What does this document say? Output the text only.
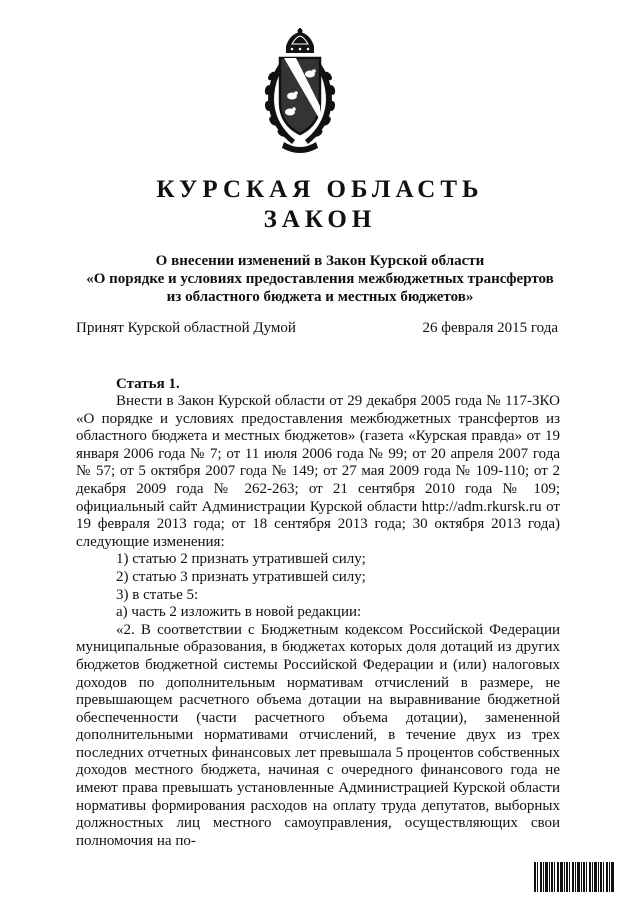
КУРСКАЯ ОБЛАСТЬ
ЗАКОН
О внесении изменений в Закон Курской области
«О порядке и условиях предоставления межбюджетных трансфертов
из областного бюджета и местных бюджетов»
Принят Курской областной Думой	26 февраля 2015 года
Статья 1.

Внести в Закон Курской области от 29 декабря 2005 года № 117-ЗКО «О порядке и условиях предоставления межбюджетных трансфертов из областного бюджета и местных бюджетов» (газета «Курская правда» от 19 января 2006 года № 7; от 11 июля 2006 года № 99; от 20 апреля 2007 года № 57; от 5 октября 2007 года № 149; от 27 мая 2009 года № 109-110; от 2 декабря 2009 года № 262-263; от 21 сентября 2010 года № 109; официальный сайт Администрации Курской области http://adm.rkursk.ru от 19 февраля 2013 года; от 18 сентября 2013 года; 30 октября 2013 года) следующие изменения:

1) статью 2 признать утратившей силу;

2) статью 3 признать утратившей силу;

3) в статье 5:

а) часть 2 изложить в новой редакции:

«2. В соответствии с Бюджетным кодексом Российской Федерации муниципальные образования, в бюджетах которых доля дотаций из других бюджетов бюджетной системы Российской Федерации и (или) налоговых доходов по дополнительным нормативам отчислений в размере, не превышающем расчетного объема дотации на выравнивание бюджетной обеспеченности (части расчетного объема дотации), замененной дополнительными нормативами отчислений, в течение двух из трех последних отчетных финансовых лет превышала 5 процентов собственных доходов местного бюджета, начиная с очередного финансового года не имеют права превышать установленные Администрацией Курской области нормативы формирования расходов на оплату труда депутатов, выборных должностных лиц местного самоуправления, осуществляющих свои полномочия на по-
